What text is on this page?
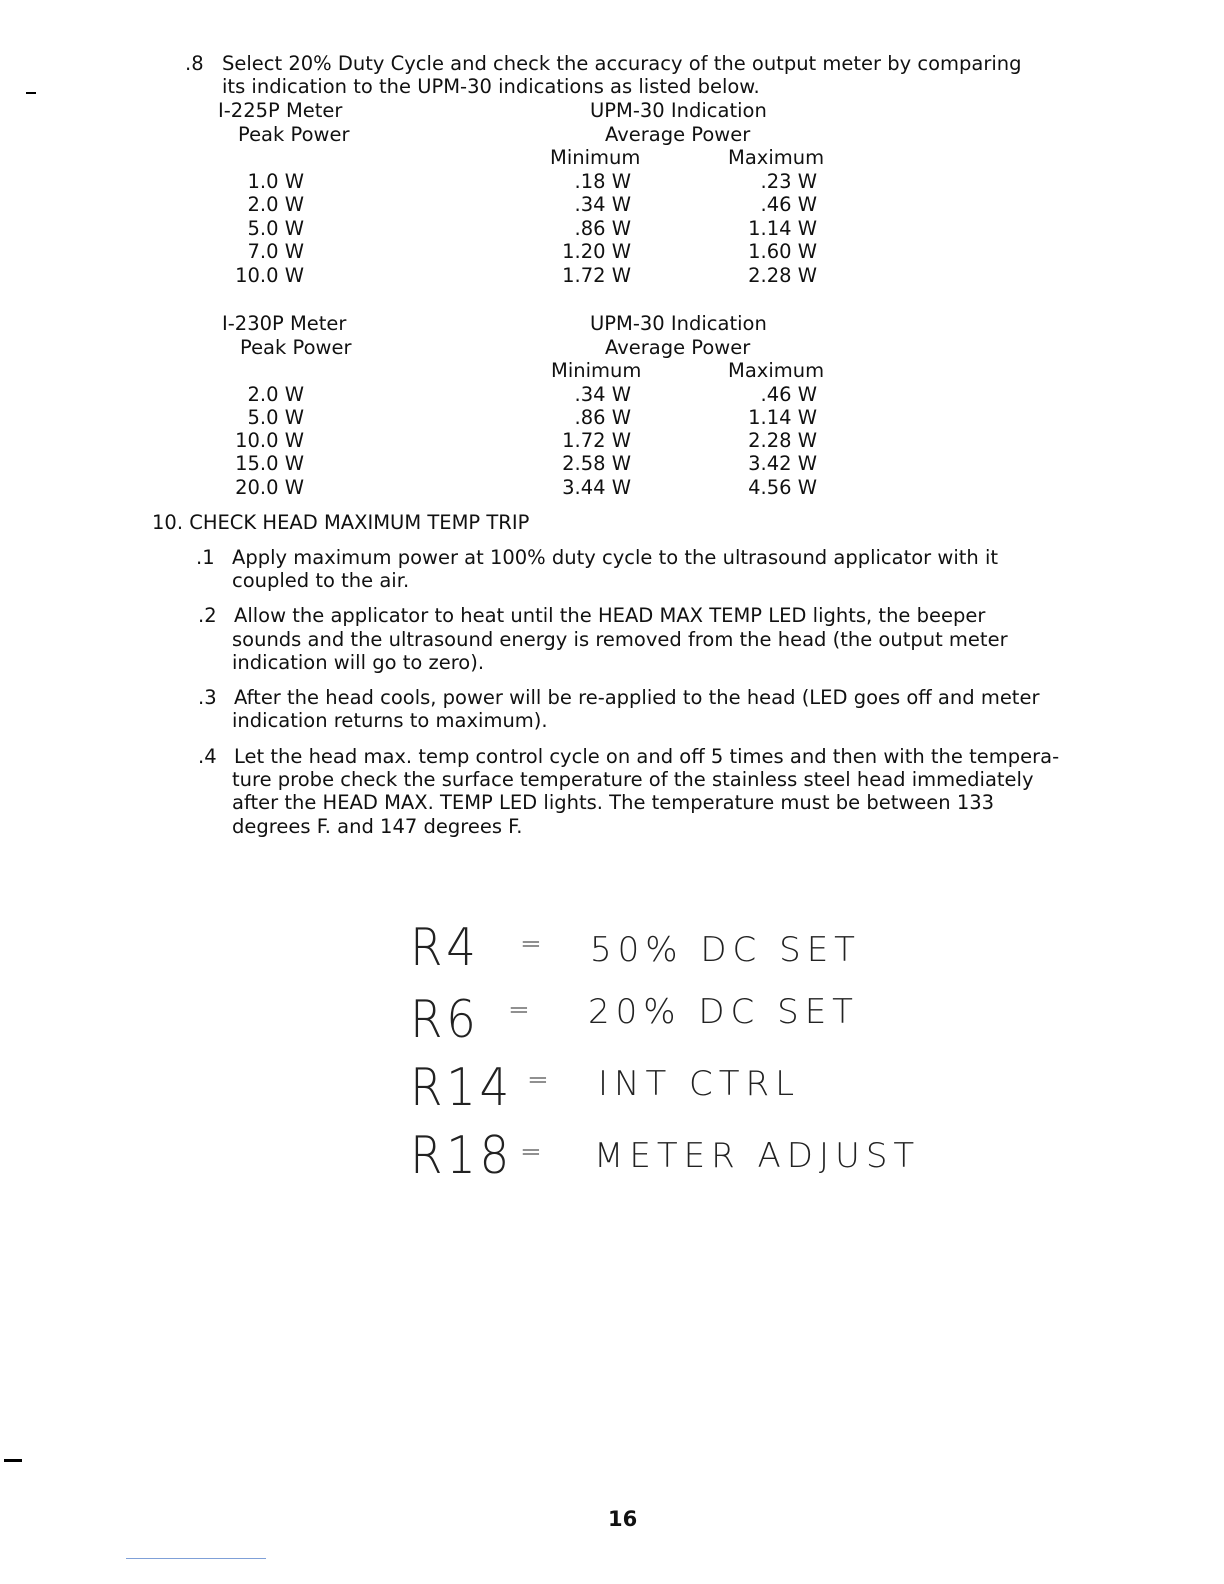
.8 Select 20% Duty Cycle and check the accuracy of the output meter by comparing
its indication to the UPM-30 indications as listed below.
I-225P Meter
Peak Power
UPM-30 Indication
Average Power
Minimum	Maximum
1.0 W	.18 W	.23 W
2.0 W	.34 W	.46 W
5.0 W	.86 W	1.14 W
7.0 W	1.20 W	1.60 W
10.0 W	1.72 W	2.28 W
I-230P Meter
Peak Power
UPM-30 Indication
Average Power
Minimum	Maximum
2.0 W	.34 W	.46 W
5.0 W	.86 W	1.14 W
10.0 W	1.72 W	2.28 W
15.0 W	2.58 W	3.42 W
20.0 W	3.44 W	4.56 W
10. CHECK HEAD MAXIMUM TEMP TRIP
.1 Apply maximum power at 100% duty cycle to the ultrasound applicator with it
coupled to the air.
.2 Allow the applicator to heat until the HEAD MAX TEMP LED lights, the beeper
sounds and the ultrasound energy is removed from the head (the output meter
indication will go to zero).
.3 After the head cools, power will be re-applied to the head (LED goes off and meter
indication returns to maximum).
.4 Let the head max. temp control cycle on and off 5 times and then with the tempera-
ture probe check the surface temperature of the stainless steel head immediately
after the HEAD MAX. TEMP LED lights. The temperature must be between 133
degrees F. and 147 degrees F.
R4 = 50% DC SET
R6 = 20% DC SET
R14 = INT CTRL
R18 = METER ADJUST
16
